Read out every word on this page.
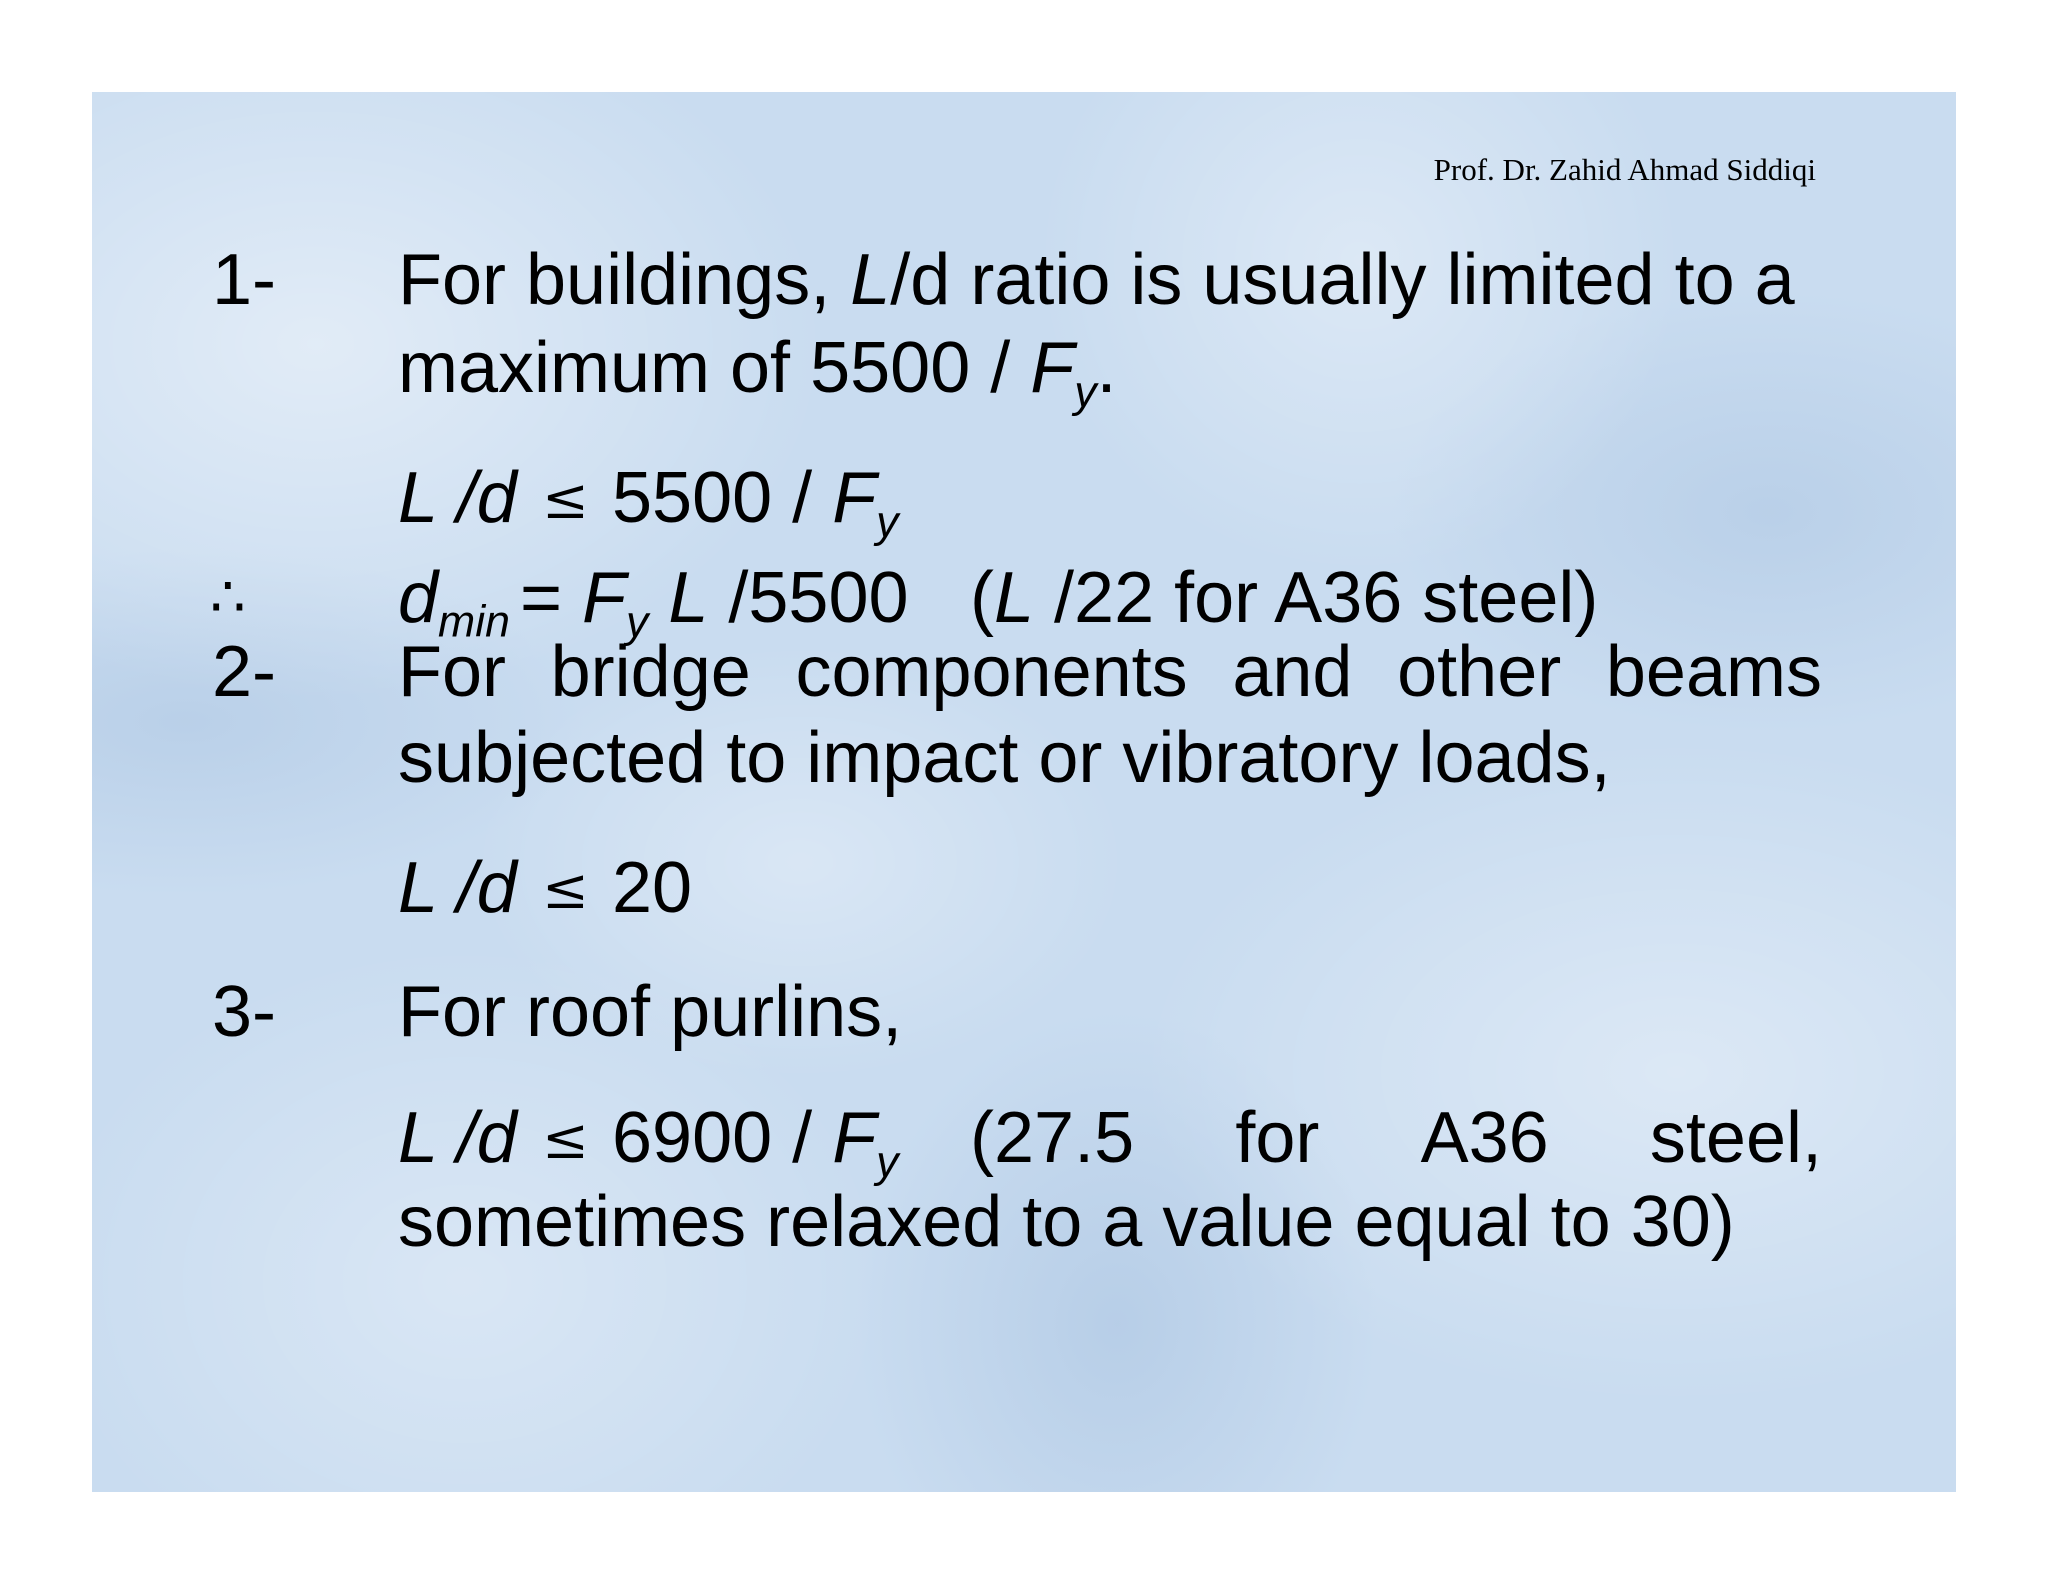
Prof. Dr. Zahid Ahmad Siddiqi
1- For buildings, L/d ratio is usually limited to a
maximum of $5500 / F_y$.
L $/d \le 5500 / F_y$
∴ $d_{min} = F_y$ L /5500 (L /22 for A36 steel)
2- For bridge components and other beams
subjected to impact or vibratory loads,
L /d ≤ 20
3- For roof purlins,
L $/d \le 6900 / F_y$ (27.5 for A36 steel,
sometimes relaxed to a value equal to 30)
